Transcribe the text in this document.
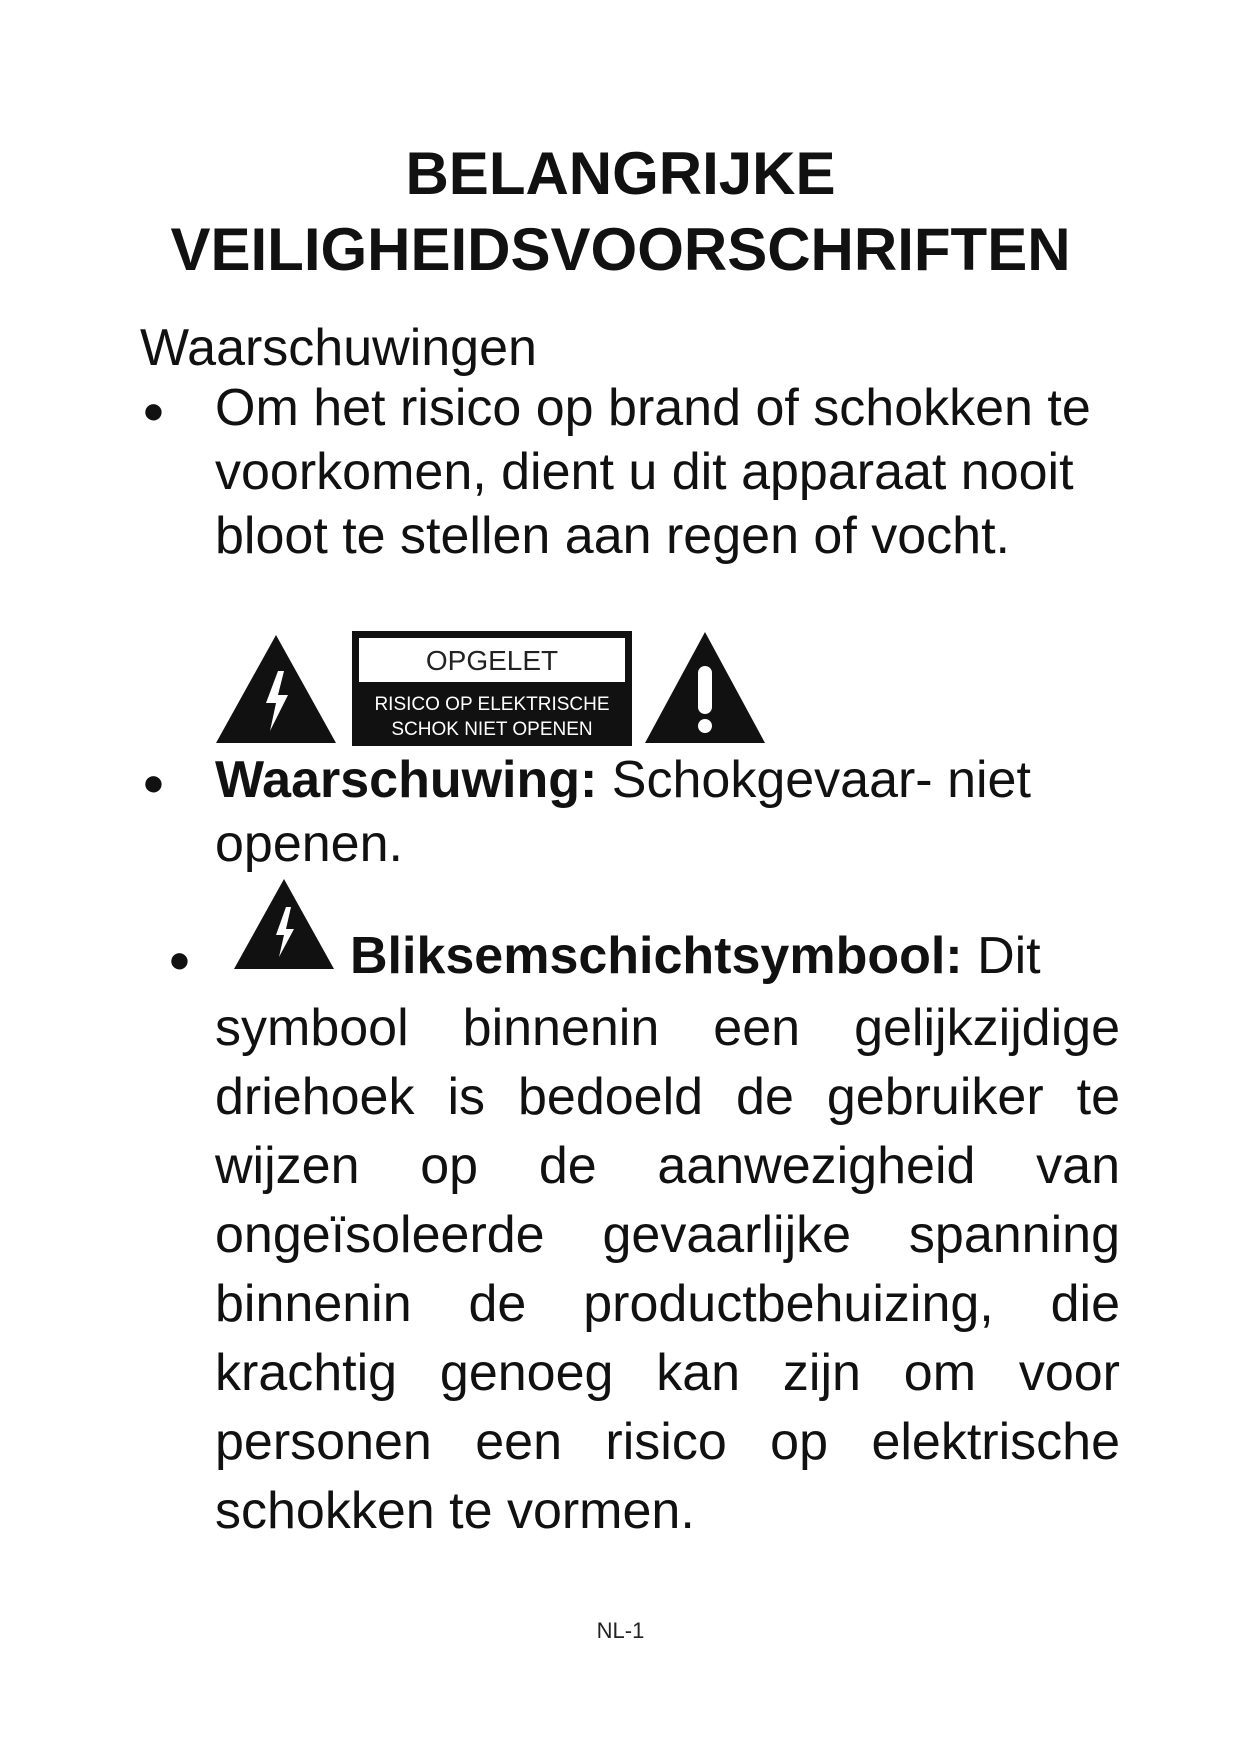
BELANGRIJKE
VEILIGHEIDSVOORSCHRIFTEN

Waarschuwingen

● Om het risico op brand of schokken te voorkomen, dient u dit apparaat nooit bloot te stellen aan regen of vocht.

OPGELET
RISICO OP ELEKTRISCHE
SCHOK NIET OPENEN
● Waarschuwing: Schokgevaar- niet openen.

●	Bliksemschichtsymbool: Dit

symbool binnenin een gelijkzijdige driehoek is bedoeld de gebruiker te wijzen op de aanwezigheid van ongeïsoleerde gevaarlijke spanning binnenin de productbehuizing, die krachtig genoeg kan zijn om voor personen een risico op elektrische schokken te vormen.

NL-1
